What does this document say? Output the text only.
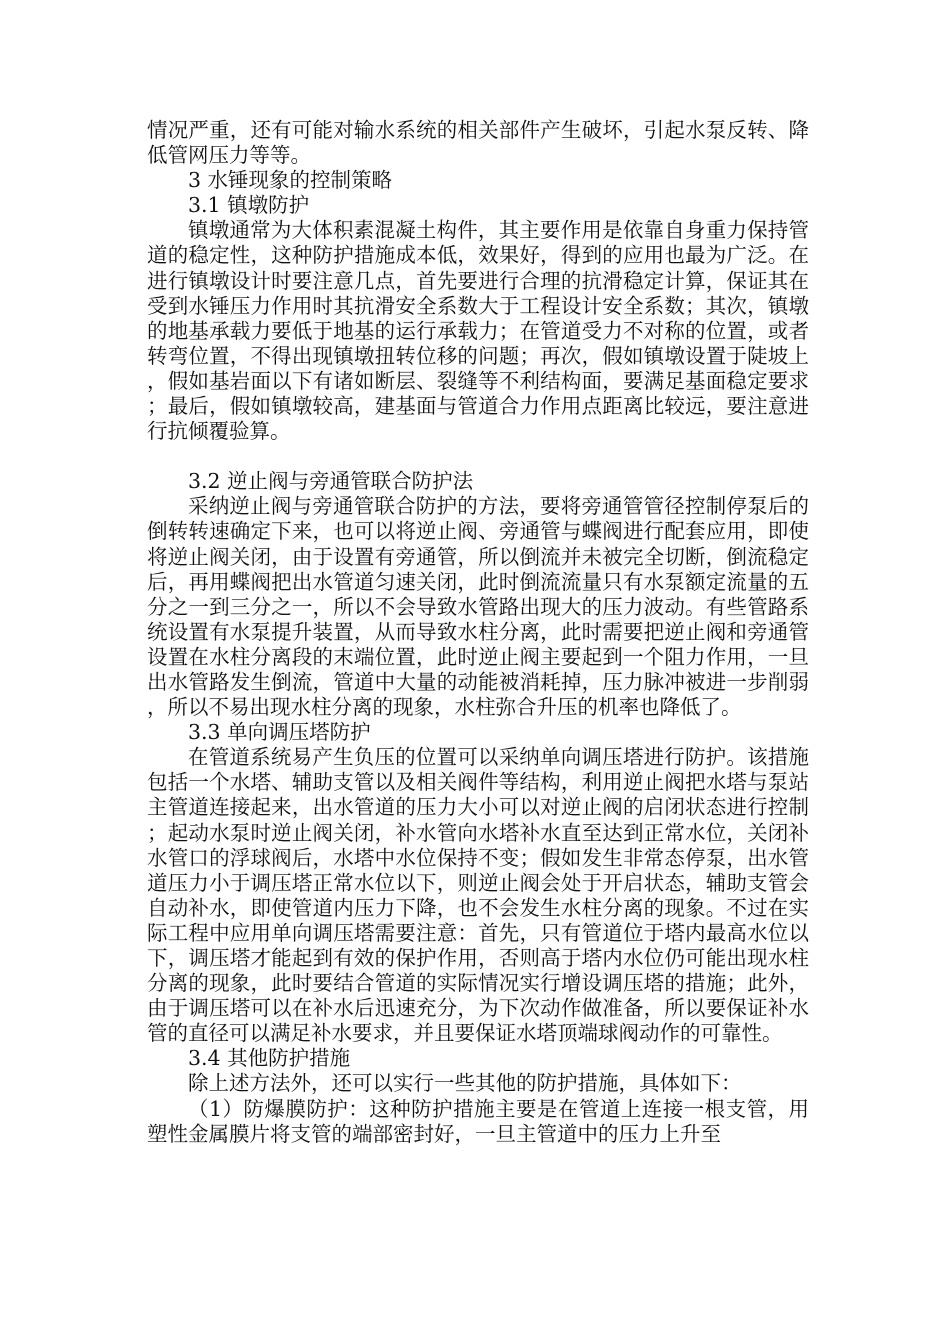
情况严重，还有可能对输水系统的相关部件产生破坏，引起水泵反转、降低管网压力等等。

3 水锤现象的控制策略
3.1 镇墩防护

镇墩通常为大体积素混凝土构件，其主要作用是依靠自身重力保持管道的稳定性，这种防护措施成本低，效果好，得到的应用也最为广泛。在进行镇墩设计时要注意几点，首先要进行合理的抗滑稳定计算，保证其在受到水锤压力作用时其抗滑安全系数大于工程设计安全系数；其次，镇墩的地基承载力要低于地基的运行承载力；在管道受力不对称的位置，或者转弯位置，不得出现镇墩扭转位移的问题；再次，假如镇墩设置于陡坡上，假如基岩面以下有诸如断层、裂缝等不利结构面，要满足基面稳定要求；最后，假如镇墩较高，建基面与管道合力作用点距离比较远，要注意进行抗倾覆验算。

3.2 逆止阀与旁通管联合防护法

采纳逆止阀与旁通管联合防护的方法，要将旁通管管径控制停泵后的倒转转速确定下来，也可以将逆止阀、旁通管与蝶阀进行配套应用，即使将逆止阀关闭，由于设置有旁通管，所以倒流并未被完全切断，倒流稳定后，再用蝶阀把出水管道匀速关闭，此时倒流流量只有水泵额定流量的五分之一到三分之一，所以不会导致水管路出现大的压力波动。有些管路系统设置有水泵提升装置，从而导致水柱分离，此时需要把逆止阀和旁通管设置在水柱分离段的末端位置，此时逆止阀主要起到一个阻力作用，一旦出水管路发生倒流，管道中大量的动能被消耗掉，压力脉冲被进一步削弱，所以不易出现水柱分离的现象，水柱弥合升压的机率也降低了。

3.3 单向调压塔防护

在管道系统易产生负压的位置可以采纳单向调压塔进行防护。该措施包括一个水塔、辅助支管以及相关阀件等结构，利用逆止阀把水塔与泵站主管道连接起来，出水管道的压力大小可以对逆止阀的启闭状态进行控制；起动水泵时逆止阀关闭，补水管向水塔补水直至达到正常水位，关闭补水管口的浮球阀后，水塔中水位保持不变；假如发生非常态停泵，出水管道压力小于调压塔正常水位以下，则逆止阀会处于开启状态，辅助支管会自动补水，即使管道内压力下降，也不会发生水柱分离的现象。不过在实际工程中应用单向调压塔需要注意：首先，只有管道位于塔内最高水位以下，调压塔才能起到有效的保护作用，否则高于塔内水位仍可能出现水柱分离的现象，此时要结合管道的实际情况实行增设调压塔的措施；此外，由于调压塔可以在补水后迅速充分，为下次动作做准备，所以要保证补水管的直径可以满足补水要求，并且要保证水塔顶端球阀动作的可靠性。

3.4 其他防护措施

除上述方法外，还可以实行一些其他的防护措施，具体如下：

（1）防爆膜防护：这种防护措施主要是在管道上连接一根支管，用塑性金属膜片将支管的端部密封好，一旦主管道中的压力上升至
